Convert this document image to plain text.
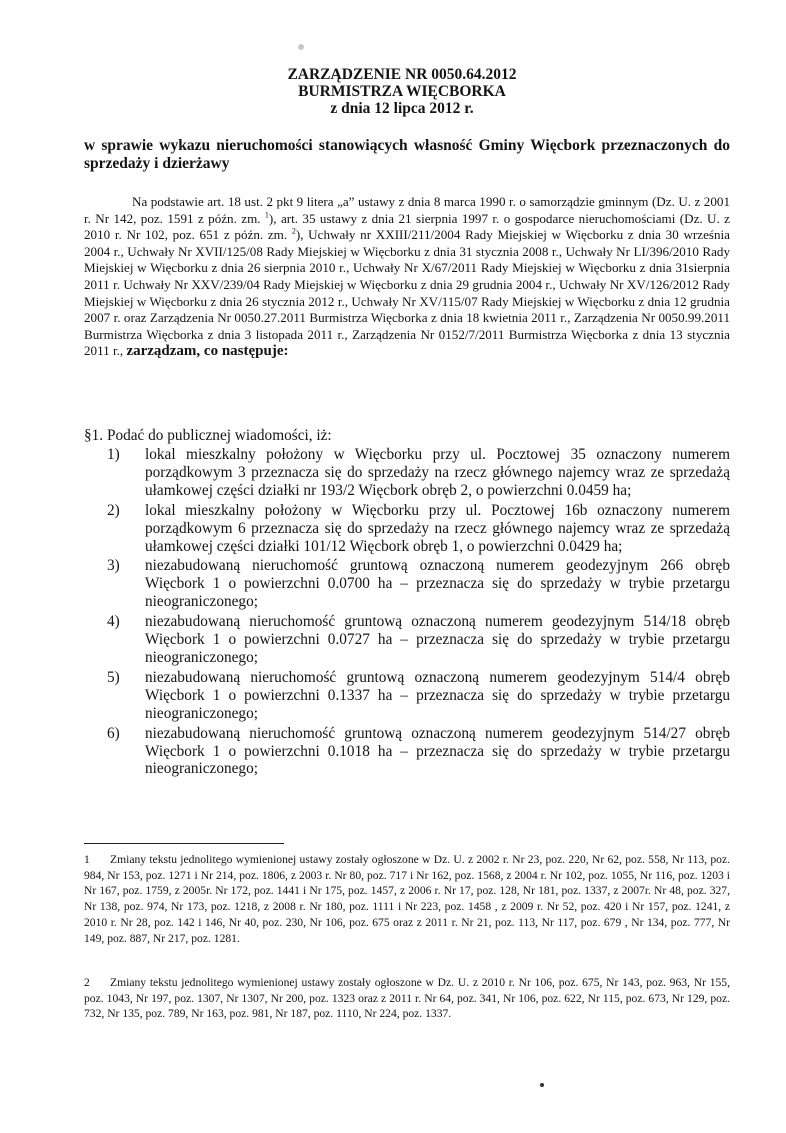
ZARZĄDZENIE NR 0050.64.2012
BURMISTRZA WIĘCBORKA
z dnia 12 lipca 2012 r.
w sprawie wykazu nieruchomości stanowiących własność Gminy Więcbork przeznaczonych do sprzedaży i dzierżawy
Na podstawie art. 18 ust. 2 pkt 9 litera „a” ustawy z dnia 8 marca 1990 r. o samorządzie gminnym (Dz. U. z 2001 r. Nr 142, poz. 1591 z późn. zm. $^1$), art. 35 ustawy z dnia 21 sierpnia 1997 r. o gospodarce nieruchomościami (Dz. U. z 2010 r. Nr 102, poz. 651 z późn. zm. $^2$), Uchwały nr XXIII/211/2004 Rady Miejskiej w Więcborku z dnia 30 września 2004 r., Uchwały Nr XVII/125/08 Rady Miejskiej w Więcborku z dnia 31 stycznia 2008 r., Uchwały Nr LI/396/2010 Rady Miejskiej w Więcborku z dnia 26 sierpnia 2010 r., Uchwały Nr X/67/2011 Rady Miejskiej w Więcborku z dnia 31sierpnia 2011 r. Uchwały Nr XXV/239/04 Rady Miejskiej w Więcborku z dnia 29 grudnia 2004 r., Uchwały Nr XV/126/2012 Rady Miejskiej w Więcborku z dnia 26 stycznia 2012 r., Uchwały Nr XV/115/07 Rady Miejskiej w Więcborku z dnia 12 grudnia 2007 r. oraz Zarządzenia Nr 0050.27.2011 Burmistrza Więcborka z dnia 18 kwietnia 2011 r., Zarządzenia Nr 0050.99.2011 Burmistrza Więcborka z dnia 3 listopada 2011 r., Zarządzenia Nr 0152/7/2011 Burmistrza Więcborka z dnia 13 stycznia 2011 r., zarządzam, co następuje:
§1. Podać do publicznej wiadomości, iż:
1) lokal mieszkalny położony w Więcborku przy ul. Pocztowej 35 oznaczony numerem porządkowym 3 przeznacza się do sprzedaży na rzecz głównego najemcy wraz ze sprzedażą ułamkowej części działki nr 193/2 Więcbork obręb 2, o powierzchni 0.0459 ha;
2) lokal mieszkalny położony w Więcborku przy ul. Pocztowej 16b oznaczony numerem porządkowym 6 przeznacza się do sprzedaży na rzecz głównego najemcy wraz ze sprzedażą ułamkowej części działki 101/12 Więcbork obręb 1, o powierzchni 0.0429 ha;
3) niezabudowaną nieruchomość gruntową oznaczoną numerem geodezyjnym 266 obręb Więcbork 1 o powierzchni 0.0700 ha – przeznacza się do sprzedaży w trybie przetargu nieograniczonego;
4) niezabudowaną nieruchomość gruntową oznaczoną numerem geodezyjnym 514/18 obręb Więcbork 1 o powierzchni 0.0727 ha – przeznacza się do sprzedaży w trybie przetargu nieograniczonego;
5) niezabudowaną nieruchomość gruntową oznaczoną numerem geodezyjnym 514/4 obręb Więcbork 1 o powierzchni 0.1337 ha – przeznacza się do sprzedaży w trybie przetargu nieograniczonego;
6) niezabudowaną nieruchomość gruntową oznaczoną numerem geodezyjnym 514/27 obręb Więcbork 1 o powierzchni 0.1018 ha – przeznacza się do sprzedaży w trybie przetargu nieograniczonego;
1 Zmiany tekstu jednolitego wymienionej ustawy zostały ogłoszone w Dz. U. z 2002 r. Nr 23, poz. 220, Nr 62, poz. 558, Nr 113, poz. 984, Nr 153, poz. 1271 i Nr 214, poz. 1806, z 2003 r. Nr 80, poz. 717 i Nr 162, poz. 1568, z 2004 r. Nr 102, poz. 1055, Nr 116, poz. 1203 i Nr 167, poz. 1759, z 2005r. Nr 172, poz. 1441 i Nr 175, poz. 1457, z 2006 r. Nr 17, poz. 128, Nr 181, poz. 1337, z 2007r. Nr 48, poz. 327, Nr 138, poz. 974, Nr 173, poz. 1218, z 2008 r. Nr 180, poz. 1111 i Nr 223, poz. 1458 , z 2009 r. Nr 52, poz. 420 i Nr 157, poz. 1241, z 2010 r. Nr 28, poz. 142 i 146, Nr 40, poz. 230, Nr 106, poz. 675 oraz z 2011 r. Nr 21, poz. 113, Nr 117, poz. 679 , Nr 134, poz. 777, Nr 149, poz. 887, Nr 217, poz. 1281.
2 Zmiany tekstu jednolitego wymienionej ustawy zostały ogłoszone w Dz. U. z 2010 r. Nr 106, poz. 675, Nr 143, poz. 963, Nr 155, poz. 1043, Nr 197, poz. 1307, Nr 1307, Nr 200, poz. 1323 oraz z 2011 r. Nr 64, poz. 341, Nr 106, poz. 622, Nr 115, poz. 673, Nr 129, poz. 732, Nr 135, poz. 789, Nr 163, poz. 981, Nr 187, poz. 1110, Nr 224, poz. 1337.
